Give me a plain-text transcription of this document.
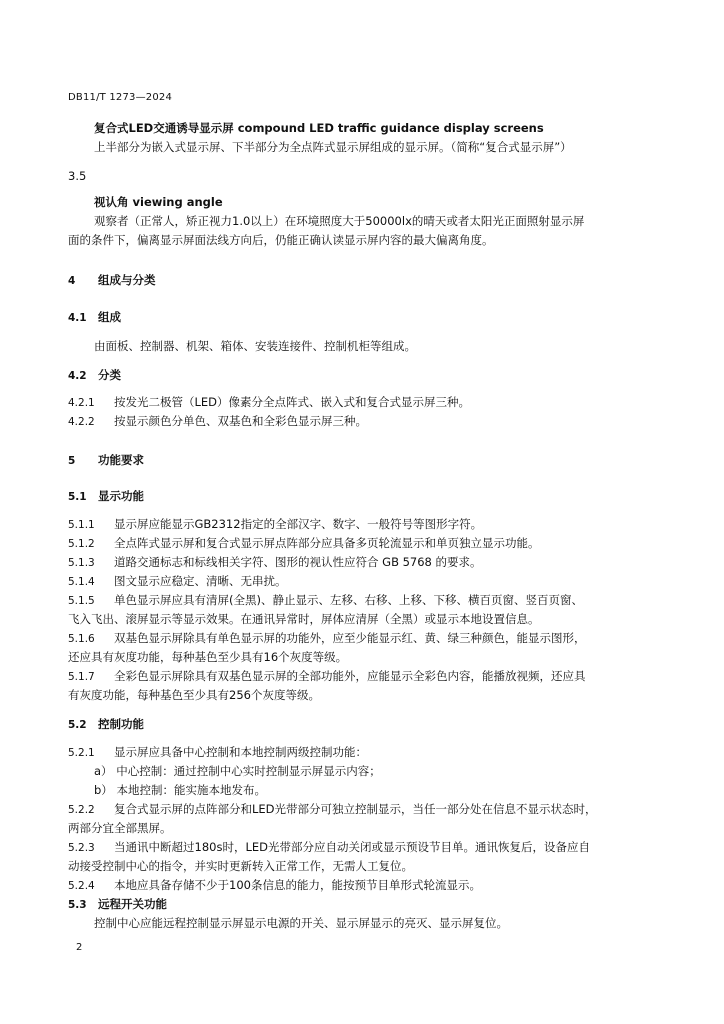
DB11/T 1273—2024
复合式LED交通诱导显示屏 compound LED traffic guidance display screens
上半部分为嵌入式显示屏、下半部分为全点阵式显示屏组成的显示屏。（简称“复合式显示屏”）
3.5
视认角 viewing angle
观察者（正常人，矫正视力1.0以上）在环境照度大于50000lx的晴天或者太阳光正面照射显示屏
面的条件下，偏离显示屏面法线方向后，仍能正确认读显示屏内容的最大偏离角度。
4 组成与分类
4.1 组成
由面板、控制器、机架、箱体、安装连接件、控制机柜等组成。
4.2 分类
4.2.1 按发光二极管（LED）像素分全点阵式、嵌入式和复合式显示屏三种。
4.2.2 按显示颜色分单色、双基色和全彩色显示屏三种。
5 功能要求
5.1 显示功能
5.1.1 显示屏应能显示GB2312指定的全部汉字、数字、一般符号等图形字符。
5.1.2 全点阵式显示屏和复合式显示屏点阵部分应具备多页轮流显示和单页独立显示功能。
5.1.3 道路交通标志和标线相关字符、图形的视认性应符合 GB 5768 的要求。
5.1.4 图文显示应稳定、清晰、无串扰。
5.1.5 单色显示屏应具有清屏(全黑)、静止显示、左移、右移、上移、下移、横百页窗、竖百页窗、
飞入飞出、滚屏显示等显示效果。在通讯异常时，屏体应清屏（全黑）或显示本地设置信息。
5.1.6 双基色显示屏除具有单色显示屏的功能外，应至少能显示红、黄、绿三种颜色，能显示图形，
还应具有灰度功能，每种基色至少具有16个灰度等级。
5.1.7 全彩色显示屏除具有双基色显示屏的全部功能外，应能显示全彩色内容，能播放视频，还应具
有灰度功能，每种基色至少具有256个灰度等级。
5.2 控制功能
5.2.1 显示屏应具备中心控制和本地控制两级控制功能：
a） 中心控制：通过控制中心实时控制显示屏显示内容；
b） 本地控制：能实施本地发布。
5.2.2 复合式显示屏的点阵部分和LED光带部分可独立控制显示，当任一部分处在信息不显示状态时，
两部分宜全部黑屏。
5.2.3 当通讯中断超过180s时，LED光带部分应自动关闭或显示预设节目单。通讯恢复后，设备应自
动接受控制中心的指令，并实时更新转入正常工作，无需人工复位。
5.2.4 本地应具备存储不少于100条信息的能力，能按预节目单形式轮流显示。
5.3 远程开关功能
控制中心应能远程控制显示屏显示电源的开关、显示屏显示的亮灭、显示屏复位。
2
